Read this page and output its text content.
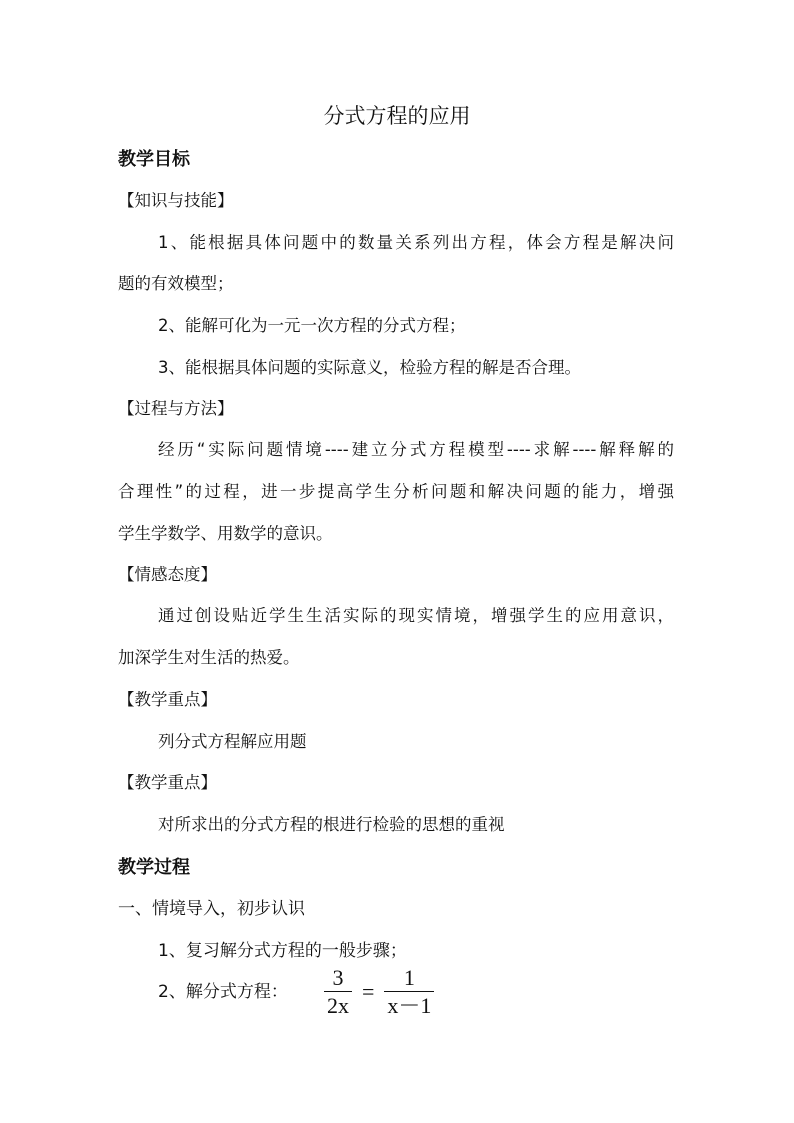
分式方程的应用
教学目标
【知识与技能】
1、能根据具体问题中的数量关系列出方程，体会方程是解决问
题的有效模型；
2、能解可化为一元一次方程的分式方程；
3、能根据具体问题的实际意义，检验方程的解是否合理。
【过程与方法】
经历“实际问题情境----建立分式方程模型----求解----解释解的
合理性”的过程，进一步提高学生分析问题和解决问题的能力，增强
学生学数学、用数学的意识。
【情感态度】
通过创设贴近学生生活实际的现实情境，增强学生的应用意识，
加深学生对生活的热爱。
【教学重点】
列分式方程解应用题
【教学重点】
对所求出的分式方程的根进行检验的思想的重视
教学过程
一、情境导入，初步认识
1、复习解分式方程的一般步骤；
2、解分式方程： $\frac{3}{2x} = \frac{1}{x-1}$
